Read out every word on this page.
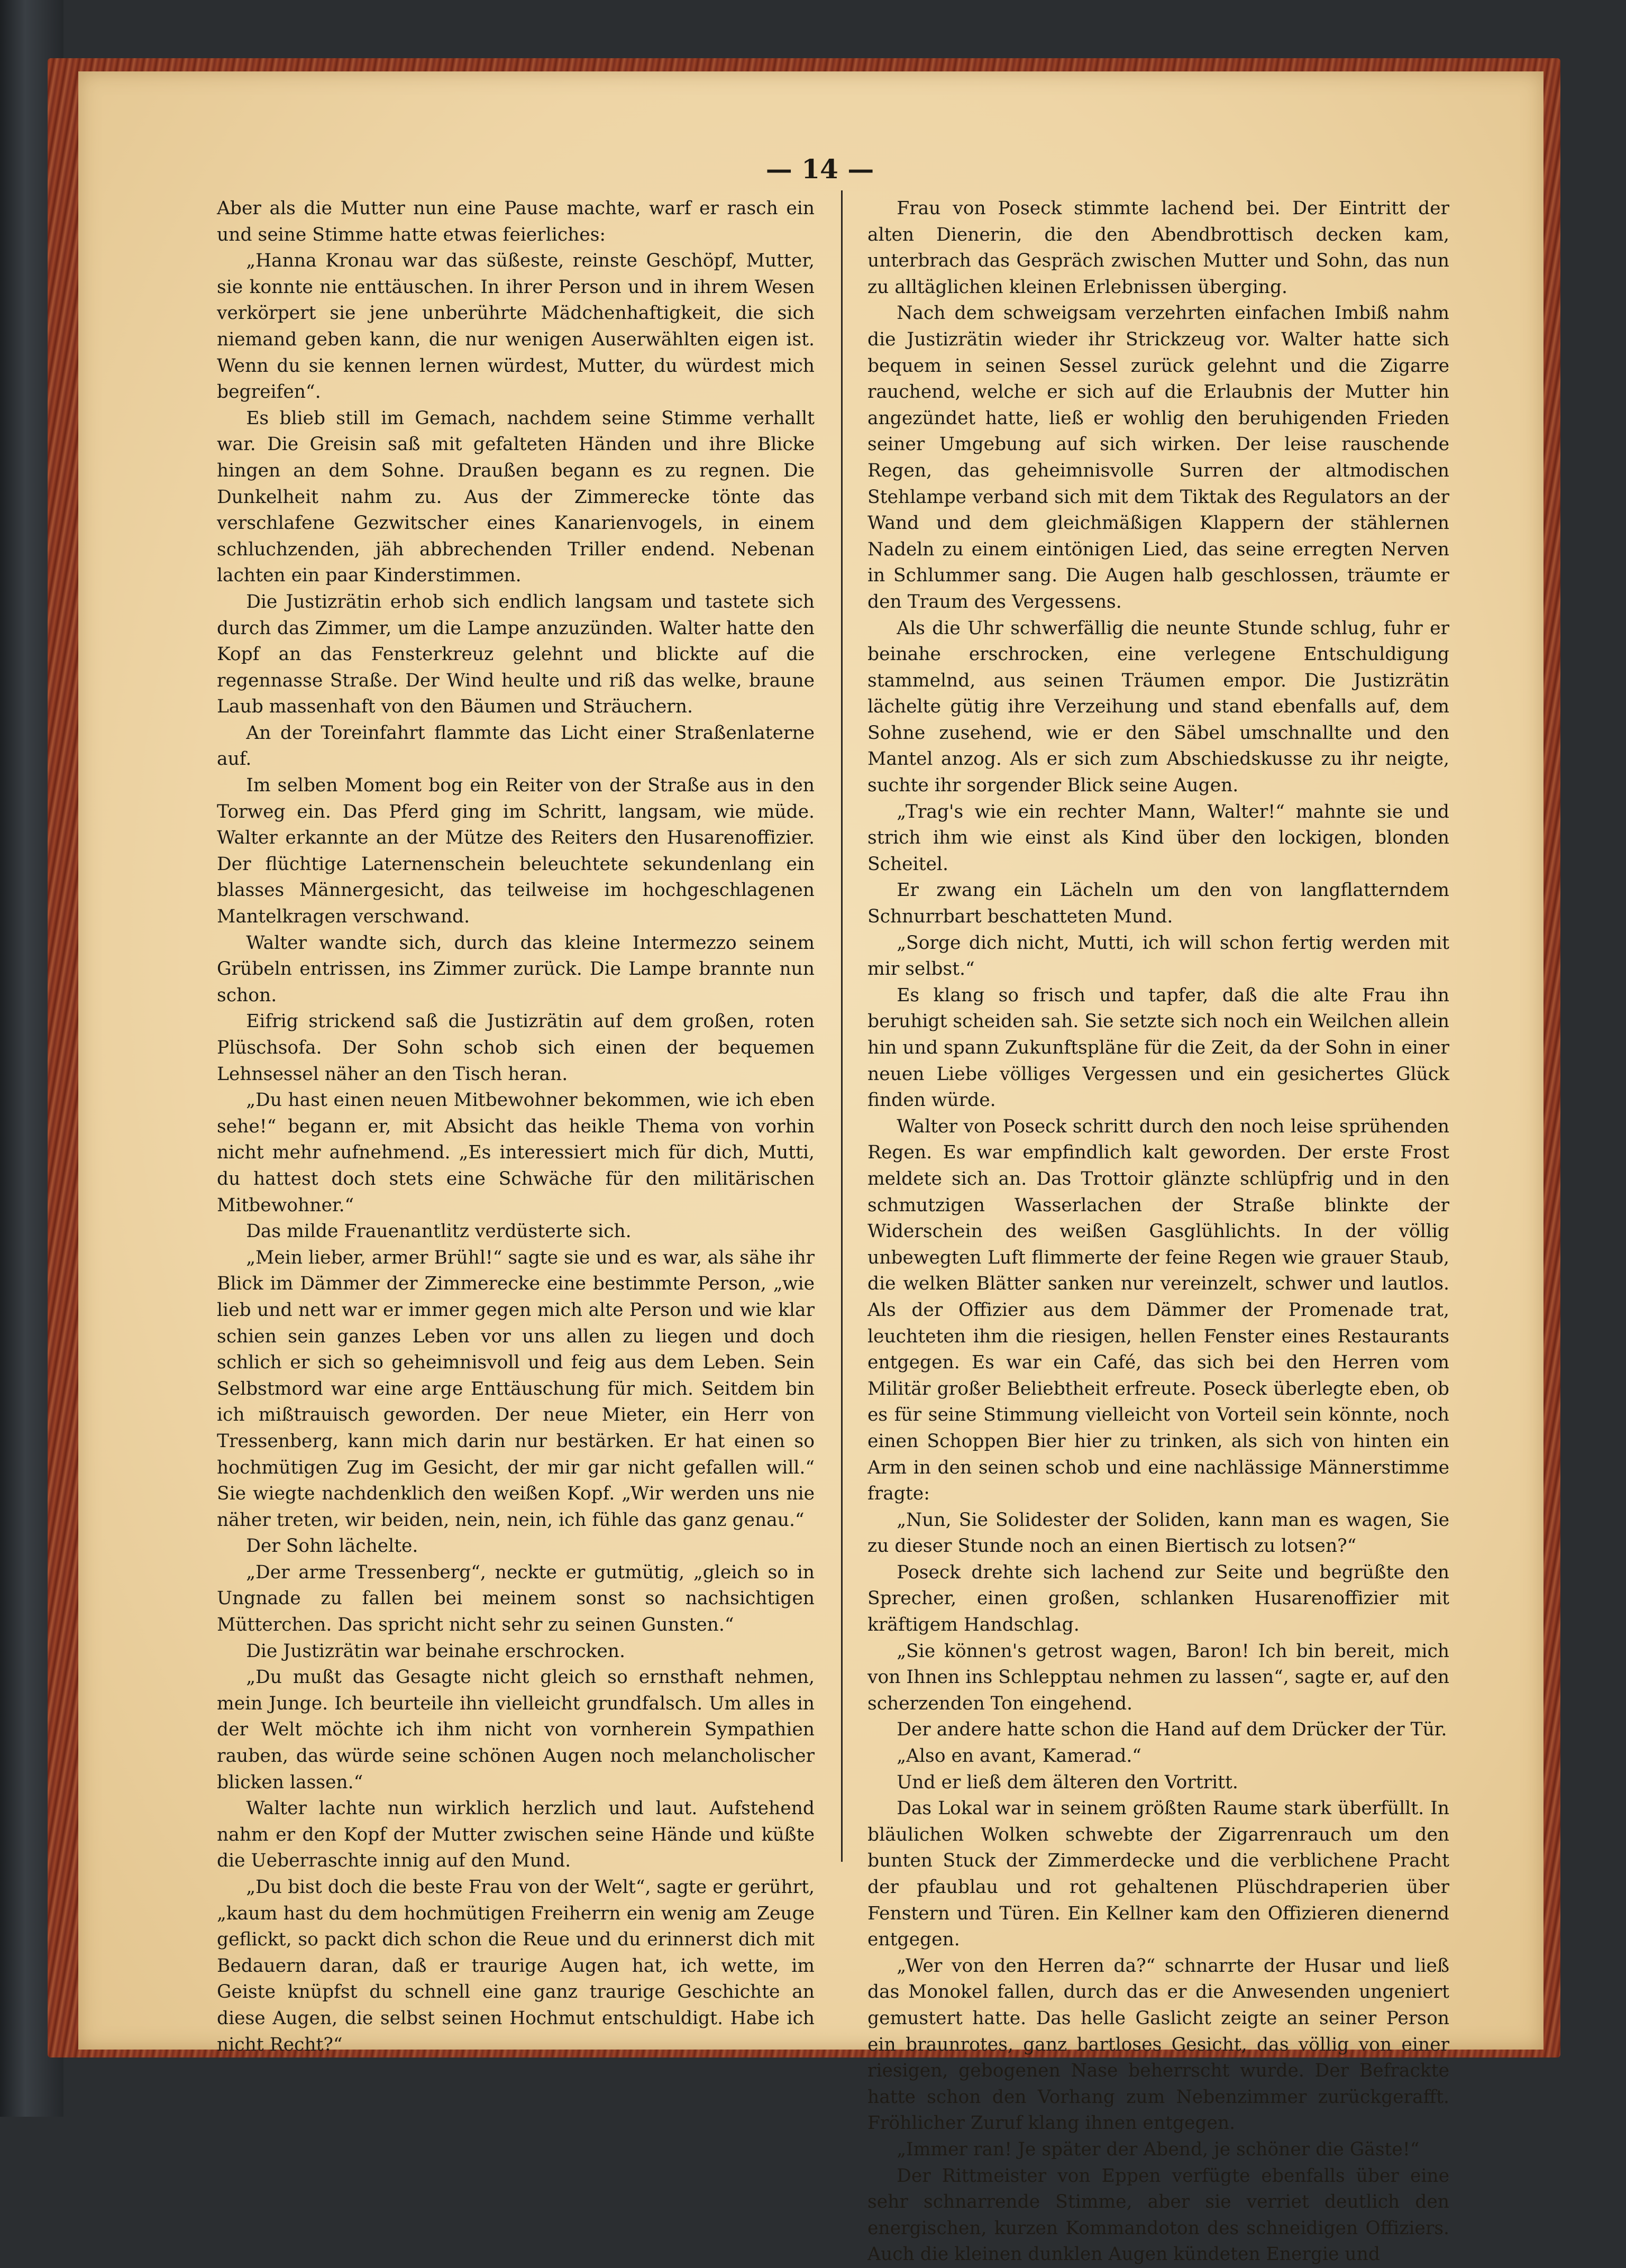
— 14 —

Aber als die Mutter nun eine Pause machte, warf er rasch ein und seine Stimme hatte etwas feierliches:

„Hanna Kronau war das süßeste, reinste Geschöpf, Mutter, sie konnte nie enttäuschen. In ihrer Person und in ihrem Wesen verkörpert sie jene unberührte Mädchenhaftigkeit, die sich niemand geben kann, die nur wenigen Auserwählten eigen ist. Wenn du sie kennen lernen würdest, Mutter, du würdest mich begreifen“.

Es blieb still im Gemach, nachdem seine Stimme verhallt war. Die Greisin saß mit gefalteten Händen und ihre Blicke hingen an dem Sohne. Draußen begann es zu regnen. Die Dunkelheit nahm zu. Aus der Zimmerecke tönte das verschlafene Gezwitscher eines Kanarienvogels, in einem schluchzenden, jäh abbrechenden Triller endend. Nebenan lachten ein paar Kinderstimmen.

Die Justizrätin erhob sich endlich langsam und tastete sich durch das Zimmer, um die Lampe anzuzünden. Walter hatte den Kopf an das Fensterkreuz gelehnt und blickte auf die regennasse Straße. Der Wind heulte und riß das welke, braune Laub massenhaft von den Bäumen und Sträuchern.

An der Toreinfahrt flammte das Licht einer Straßenlaterne auf.

Im selben Moment bog ein Reiter von der Straße aus in den Torweg ein. Das Pferd ging im Schritt, langsam, wie müde. Walter erkannte an der Mütze des Reiters den Husarenoffizier. Der flüchtige Laternenschein beleuchtete sekundenlang ein blasses Männergesicht, das teilweise im hochgeschlagenen Mantelkragen verschwand.

Walter wandte sich, durch das kleine Intermezzo seinem Grübeln entrissen, ins Zimmer zurück. Die Lampe brannte nun schon.

Eifrig strickend saß die Justizrätin auf dem großen, roten Plüschsofa. Der Sohn schob sich einen der bequemen Lehnsessel näher an den Tisch heran.

„Du hast einen neuen Mitbewohner bekommen, wie ich eben sehe!“ begann er, mit Absicht das heikle Thema von vorhin nicht mehr aufnehmend. „Es interessiert mich für dich, Mutti, du hattest doch stets eine Schwäche für den militärischen Mitbewohner.“

Das milde Frauenantlitz verdüsterte sich.

„Mein lieber, armer Brühl!“ sagte sie und es war, als sähe ihr Blick im Dämmer der Zimmerecke eine bestimmte Person, „wie lieb und nett war er immer gegen mich alte Person und wie klar schien sein ganzes Leben vor uns allen zu liegen und doch schlich er sich so geheimnisvoll und feig aus dem Leben. Sein Selbstmord war eine arge Enttäuschung für mich. Seitdem bin ich mißtrauisch geworden. Der neue Mieter, ein Herr von Tressenberg, kann mich darin nur bestärken. Er hat einen so hochmütigen Zug im Gesicht, der mir gar nicht gefallen will.“ Sie wiegte nachdenklich den weißen Kopf. „Wir werden uns nie näher treten, wir beiden, nein, nein, ich fühle das ganz genau.“

Der Sohn lächelte.

„Der arme Tressenberg“, neckte er gutmütig, „gleich so in Ungnade zu fallen bei meinem sonst so nachsichtigen Mütterchen. Das spricht nicht sehr zu seinen Gunsten.“

Die Justizrätin war beinahe erschrocken.

„Du mußt das Gesagte nicht gleich so ernsthaft nehmen, mein Junge. Ich beurteile ihn vielleicht grundfalsch. Um alles in der Welt möchte ich ihm nicht von vornherein Sympathien rauben, das würde seine schönen Augen noch melancholischer blicken lassen.“

Walter lachte nun wirklich herzlich und laut. Aufstehend nahm er den Kopf der Mutter zwischen seine Hände und küßte die Ueberraschte innig auf den Mund.

„Du bist doch die beste Frau von der Welt“, sagte er gerührt, „kaum hast du dem hochmütigen Freiherrn ein wenig am Zeuge geflickt, so packt dich schon die Reue und du erinnerst dich mit Bedauern daran, daß er traurige Augen hat, ich wette, im Geiste knüpfst du schnell eine ganz traurige Geschichte an diese Augen, die selbst seinen Hochmut entschuldigt. Habe ich nicht Recht?“

Frau von Poseck stimmte lachend bei. Der Eintritt der alten Dienerin, die den Abendbrottisch decken kam, unterbrach das Gespräch zwischen Mutter und Sohn, das nun zu alltäglichen kleinen Erlebnissen überging.

Nach dem schweigsam verzehrten einfachen Imbiß nahm die Justizrätin wieder ihr Strickzeug vor. Walter hatte sich bequem in seinen Sessel zurück gelehnt und die Zigarre rauchend, welche er sich auf die Erlaubnis der Mutter hin angezündet hatte, ließ er wohlig den beruhigenden Frieden seiner Umgebung auf sich wirken. Der leise rauschende Regen, das geheimnisvolle Surren der altmodischen Stehlampe verband sich mit dem Tiktak des Regulators an der Wand und dem gleichmäßigen Klappern der stählernen Nadeln zu einem eintönigen Lied, das seine erregten Nerven in Schlummer sang. Die Augen halb geschlossen, träumte er den Traum des Vergessens.

Als die Uhr schwerfällig die neunte Stunde schlug, fuhr er beinahe erschrocken, eine verlegene Entschuldigung stammelnd, aus seinen Träumen empor. Die Justizrätin lächelte gütig ihre Verzeihung und stand ebenfalls auf, dem Sohne zusehend, wie er den Säbel umschnallte und den Mantel anzog. Als er sich zum Abschiedskusse zu ihr neigte, suchte ihr sorgender Blick seine Augen.

„Trag's wie ein rechter Mann, Walter!“ mahnte sie und strich ihm wie einst als Kind über den lockigen, blonden Scheitel.

Er zwang ein Lächeln um den von langflatterndem Schnurrbart beschatteten Mund.

„Sorge dich nicht, Mutti, ich will schon fertig werden mit mir selbst.“

Es klang so frisch und tapfer, daß die alte Frau ihn beruhigt scheiden sah. Sie setzte sich noch ein Weilchen allein hin und spann Zukunftspläne für die Zeit, da der Sohn in einer neuen Liebe völliges Vergessen und ein gesichertes Glück finden würde.

Walter von Poseck schritt durch den noch leise sprühenden Regen. Es war empfindlich kalt geworden. Der erste Frost meldete sich an. Das Trottoir glänzte schlüpfrig und in den schmutzigen Wasserlachen der Straße blinkte der Widerschein des weißen Gasglühlichts. In der völlig unbewegten Luft flimmerte der feine Regen wie grauer Staub, die welken Blätter sanken nur vereinzelt, schwer und lautlos. Als der Offizier aus dem Dämmer der Promenade trat, leuchteten ihm die riesigen, hellen Fenster eines Restaurants entgegen. Es war ein Café, das sich bei den Herren vom Militär großer Beliebtheit erfreute. Poseck überlegte eben, ob es für seine Stimmung vielleicht von Vorteil sein könnte, noch einen Schoppen Bier hier zu trinken, als sich von hinten ein Arm in den seinen schob und eine nachlässige Männerstimme fragte:

„Nun, Sie Solidester der Soliden, kann man es wagen, Sie zu dieser Stunde noch an einen Biertisch zu lotsen?“

Poseck drehte sich lachend zur Seite und begrüßte den Sprecher, einen großen, schlanken Husarenoffizier mit kräftigem Handschlag.

„Sie können's getrost wagen, Baron! Ich bin bereit, mich von Ihnen ins Schlepptau nehmen zu lassen“, sagte er, auf den scherzenden Ton eingehend.

Der andere hatte schon die Hand auf dem Drücker der Tür.

„Also en avant, Kamerad.“

Und er ließ dem älteren den Vortritt.

Das Lokal war in seinem größten Raume stark überfüllt. In bläulichen Wolken schwebte der Zigarrenrauch um den bunten Stuck der Zimmerdecke und die verblichene Pracht der pfaublau und rot gehaltenen Plüschdraperien über Fenstern und Türen. Ein Kellner kam den Offizieren dienernd entgegen.

„Wer von den Herren da?“ schnarrte der Husar und ließ das Monokel fallen, durch das er die Anwesenden ungeniert gemustert hatte. Das helle Gaslicht zeigte an seiner Person ein braunrotes, ganz bartloses Gesicht, das völlig von einer riesigen, gebogenen Nase beherrscht wurde. Der Befrackte hatte schon den Vorhang zum Nebenzimmer zurückgerafft. Fröhlicher Zuruf klang ihnen entgegen.

„Immer ran! Je später der Abend, je schöner die Gäste!“

Der Rittmeister von Eppen verfügte ebenfalls über eine sehr schnarrende Stimme, aber sie verriet deutlich den energischen, kurzen Kommandoton des schneidigen Offiziers. Auch die kleinen dunklen Augen kündeten Energie und
